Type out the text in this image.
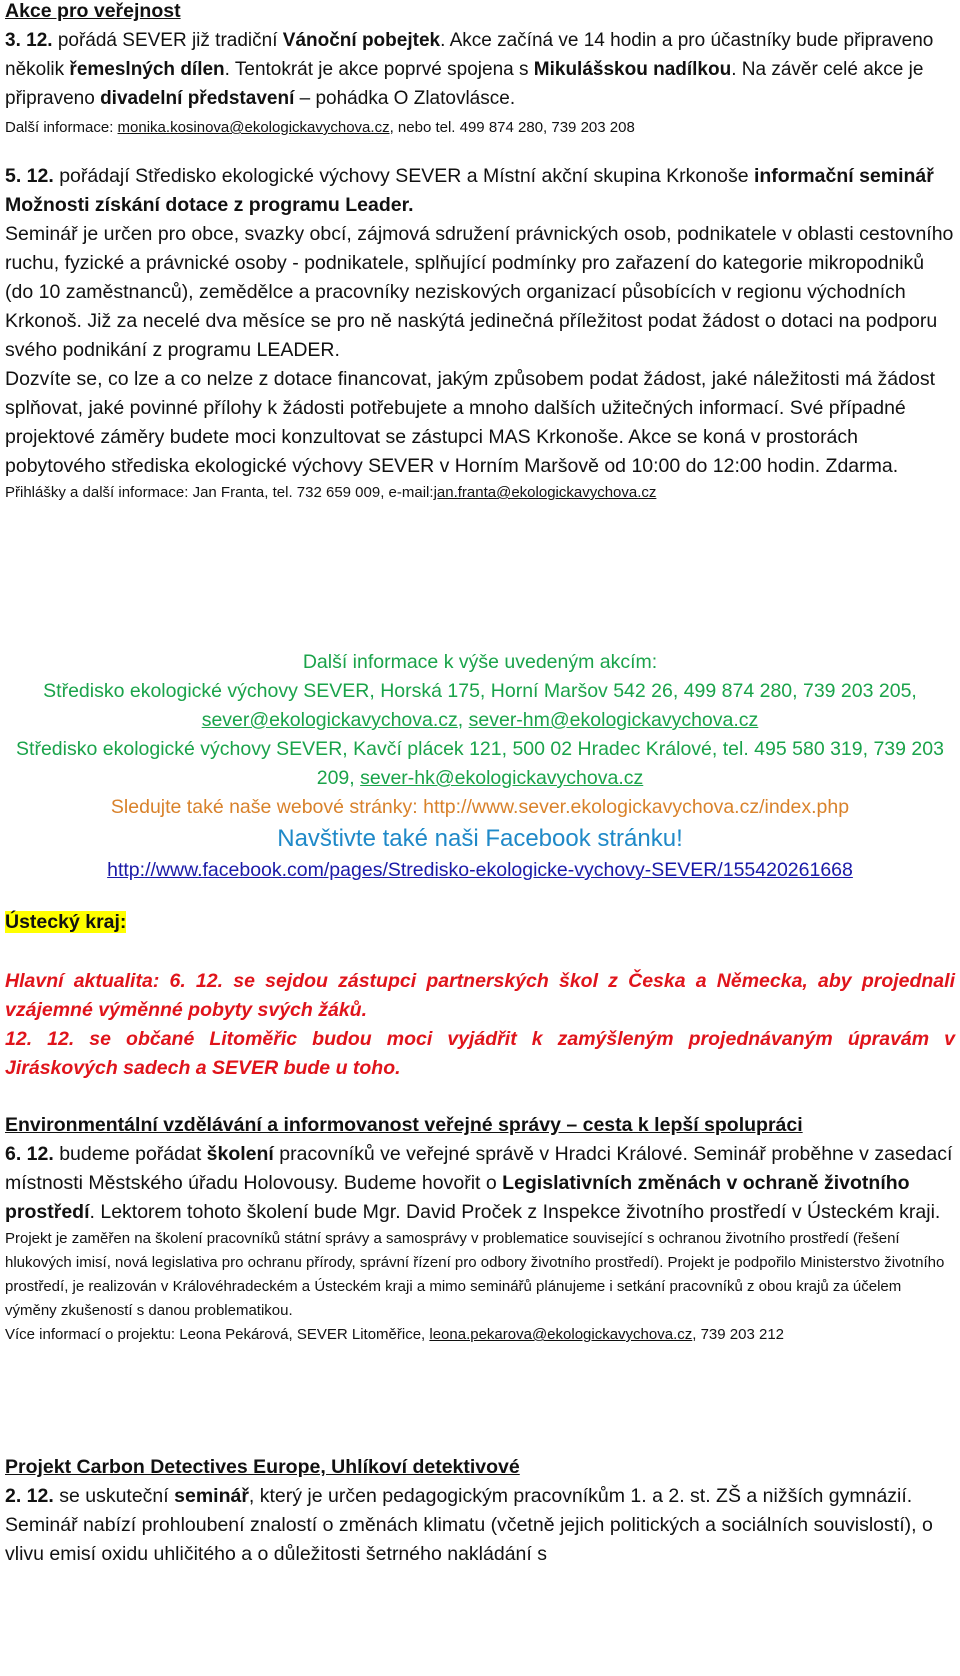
Akce pro veřejnost

3. 12. pořádá SEVER již tradiční Vánoční pobejtek. Akce začíná ve 14 hodin a pro účastníky bude připraveno několik řemeslných dílen. Tentokrát je akce poprvé spojena s Mikulášskou nadílkou. Na závěr celé akce je připraveno divadelní představení – pohádka O Zlatovlásce.

Další informace: monika.kosinova@ekologickavychova.cz, nebo tel. 499 874 280, 739 203 208

5. 12. pořádají Středisko ekologické výchovy SEVER a Místní akční skupina Krkonoše informační seminář Možnosti získání dotace z programu Leader.

Seminář je určen pro obce, svazky obcí, zájmová sdružení právnických osob, podnikatele v oblasti cestovního ruchu, fyzické a právnické osoby - podnikatele, splňující podmínky pro zařazení do kategorie mikropodniků (do 10 zaměstnanců), zemědělce a pracovníky neziskových organizací působících v regionu východních Krkonoš. Již za necelé dva měsíce se pro ně naskýtá jedinečná příležitost podat žádost o dotaci na podporu svého podnikání z programu LEADER.

Dozvíte se, co lze a co nelze z dotace financovat, jakým způsobem podat žádost, jaké náležitosti má žádost splňovat, jaké povinné přílohy k žádosti potřebujete a mnoho dalších užitečných informací. Své případné projektové záměry budete moci konzultovat se zástupci MAS Krkonoše. Akce se koná v prostorách pobytového střediska ekologické výchovy SEVER v Horním Maršově od 10:00 do 12:00 hodin. Zdarma.

Přihlášky a další informace: Jan Franta, tel. 732 659 009, e-mail:jan.franta@ekologickavychova.cz

Další informace k výše uvedeným akcím:

Středisko ekologické výchovy SEVER, Horská 175, Horní Maršov 542 26, 499 874 280, 739 203 205, sever@ekologickavychova.cz, sever-hm@ekologickavychova.cz

Středisko ekologické výchovy SEVER, Kavčí plácek 121, 500 02 Hradec Králové, tel. 495 580 319, 739 203 209, sever-hk@ekologickavychova.cz

Sledujte také naše webové stránky: http://www.sever.ekologickavychova.cz/index.php

Navštivte také naši Facebook stránku!

http://www.facebook.com/pages/Stredisko-ekologicke-vychovy-SEVER/155420261668

Ústecký kraj:

Hlavní aktualita: 6. 12. se sejdou zástupci partnerských škol z Česka a Německa, aby projednali vzájemné výměnné pobyty svých žáků.

12. 12. se občané Litoměřic budou moci vyjádřit k zamýšleným projednávaným úpravám v Jiráskových sadech a SEVER bude u toho.

Environmentální vzdělávání a informovanost veřejné správy – cesta k lepší spolupráci

6. 12. budeme pořádat školení pracovníků ve veřejné správě v Hradci Králové. Seminář proběhne v zasedací místnosti Městského úřadu Holovousy. Budeme hovořit o Legislativních změnách v ochraně životního prostředí. Lektorem tohoto školení bude Mgr. David Proček z Inspekce životního prostředí v Ústeckém kraji.

Projekt je zaměřen na školení pracovníků státní správy a samosprávy v problematice související s ochranou životního prostředí (řešení hlukových imisí, nová legislativa pro ochranu přírody, správní řízení pro odbory životního prostředí). Projekt je podpořilo Ministerstvo životního prostředí, je realizován v Královéhradeckém a Ústeckém kraji a mimo seminářů plánujeme i setkání pracovníků z obou krajů za účelem výměny zkušeností s danou problematikou.

Více informací o projektu: Leona Pekárová, SEVER Litoměřice, leona.pekarova@ekologickavychova.cz, 739 203 212

Projekt Carbon Detectives Europe, Uhlíkoví detektivové

2. 12. se uskuteční seminář, který je určen pedagogickým pracovníkům 1. a 2. st. ZŠ a nižších gymnázií. Seminář nabízí prohloubení znalostí o změnách klimatu (včetně jejich politických a sociálních souvislostí), o vlivu emisí oxidu uhličitého a o důležitosti šetrného nakládání s
